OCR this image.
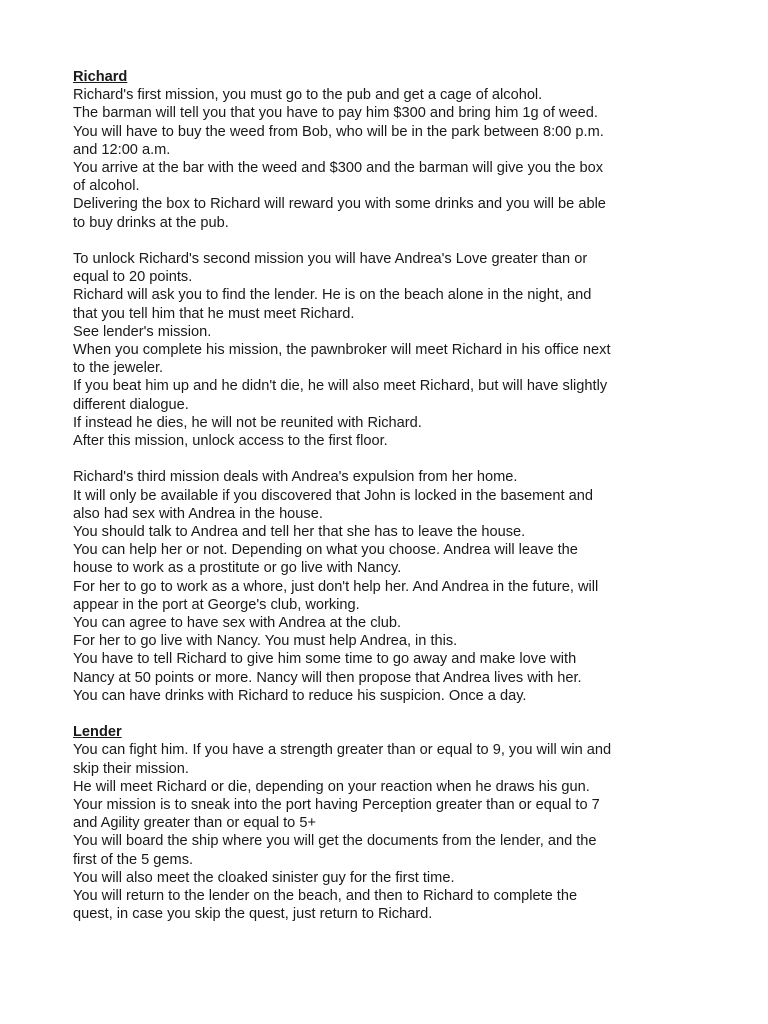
Richard

Richard's first mission, you must go to the pub and get a cage of alcohol.

The barman will tell you that you have to pay him $300 and bring him 1g of weed.

You will have to buy the weed from Bob, who will be in the park between 8:00 p.m.

and 12:00 a.m.

You arrive at the bar with the weed and $300 and the barman will give you the box

of alcohol.

Delivering the box to Richard will reward you with some drinks and you will be able

to buy drinks at the pub.

To unlock Richard's second mission you will have Andrea's Love greater than or

equal to 20 points.

Richard will ask you to find the lender. He is on the beach alone in the night, and

that you tell him that he must meet Richard.

See lender's mission.

When you complete his mission, the pawnbroker will meet Richard in his office next

to the jeweler.

If you beat him up and he didn't die, he will also meet Richard, but will have slightly

different dialogue.

If instead he dies, he will not be reunited with Richard.

After this mission, unlock access to the first floor.

Richard's third mission deals with Andrea's expulsion from her home.

It will only be available if you discovered that John is locked in the basement and

also had sex with Andrea in the house.

You should talk to Andrea and tell her that she has to leave the house.

You can help her or not. Depending on what you choose. Andrea will leave the

house to work as a prostitute or go live with Nancy.

For her to go to work as a whore, just don't help her. And Andrea in the future, will

appear in the port at George's club, working.

You can agree to have sex with Andrea at the club.

For her to go live with Nancy. You must help Andrea, in this.

You have to tell Richard to give him some time to go away and make love with

Nancy at 50 points or more. Nancy will then propose that Andrea lives with her.

You can have drinks with Richard to reduce his suspicion. Once a day.

Lender

You can fight him. If you have a strength greater than or equal to 9, you will win and

skip their mission.

He will meet Richard or die, depending on your reaction when he draws his gun.

Your mission is to sneak into the port having Perception greater than or equal to 7

and Agility greater than or equal to 5+

You will board the ship where you will get the documents from the lender, and the

first of the 5 gems.

You will also meet the cloaked sinister guy for the first time.

You will return to the lender on the beach, and then to Richard to complete the

quest, in case you skip the quest, just return to Richard.
